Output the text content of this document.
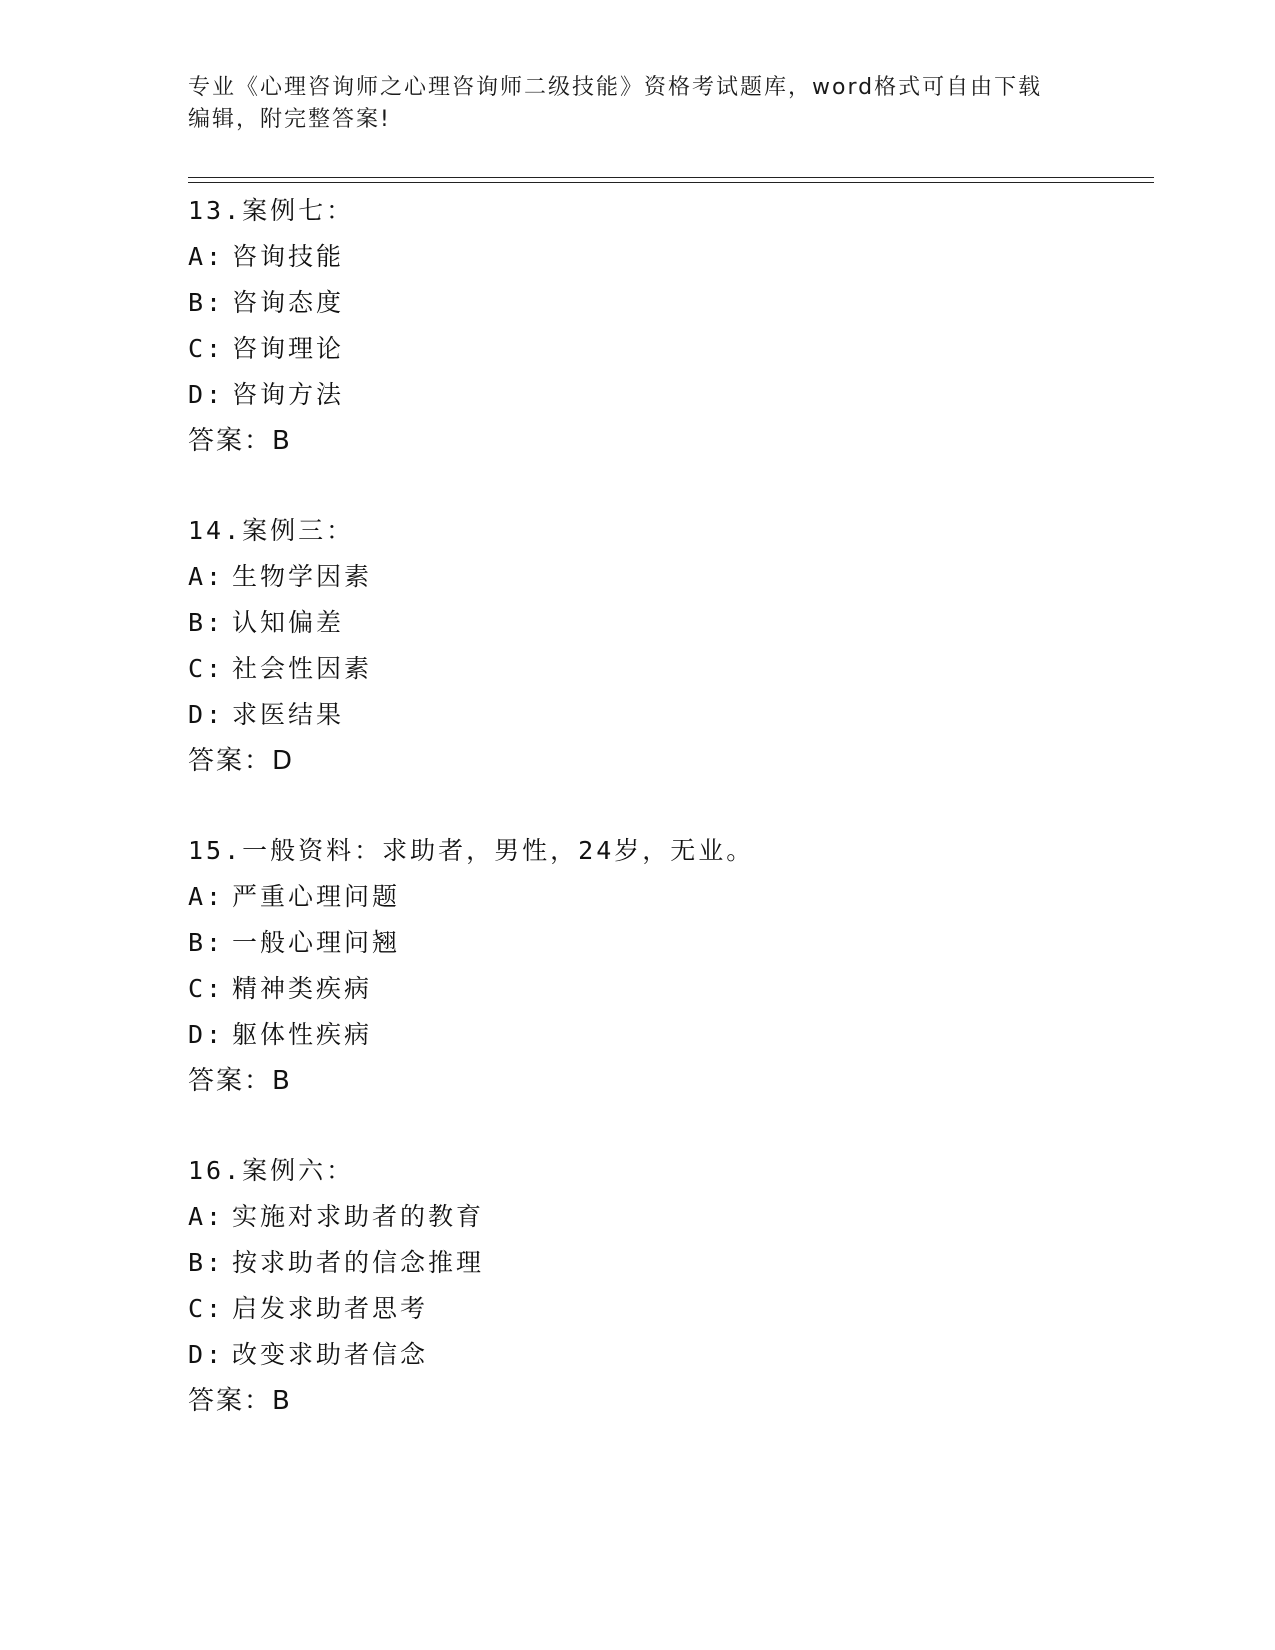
专业《心理咨询师之心理咨询师二级技能》资格考试题库，word格式可自由下载
编辑，附完整答案!
13.案例七：
A: 咨询技能
B: 咨询态度
C: 咨询理论
D: 咨询方法
答案：B
14.案例三：
A: 生物学因素
B: 认知偏差
C: 社会性因素
D: 求医结果
答案：D
15.一般资料：求助者，男性，24岁，无业。
A: 严重心理问题
B: 一般心理问翘
C: 精神类疾病
D: 躯体性疾病
答案：B
16.案例六：
A: 实施对求助者的教育
B: 按求助者的信念推理
C: 启发求助者思考
D: 改变求助者信念
答案：B
